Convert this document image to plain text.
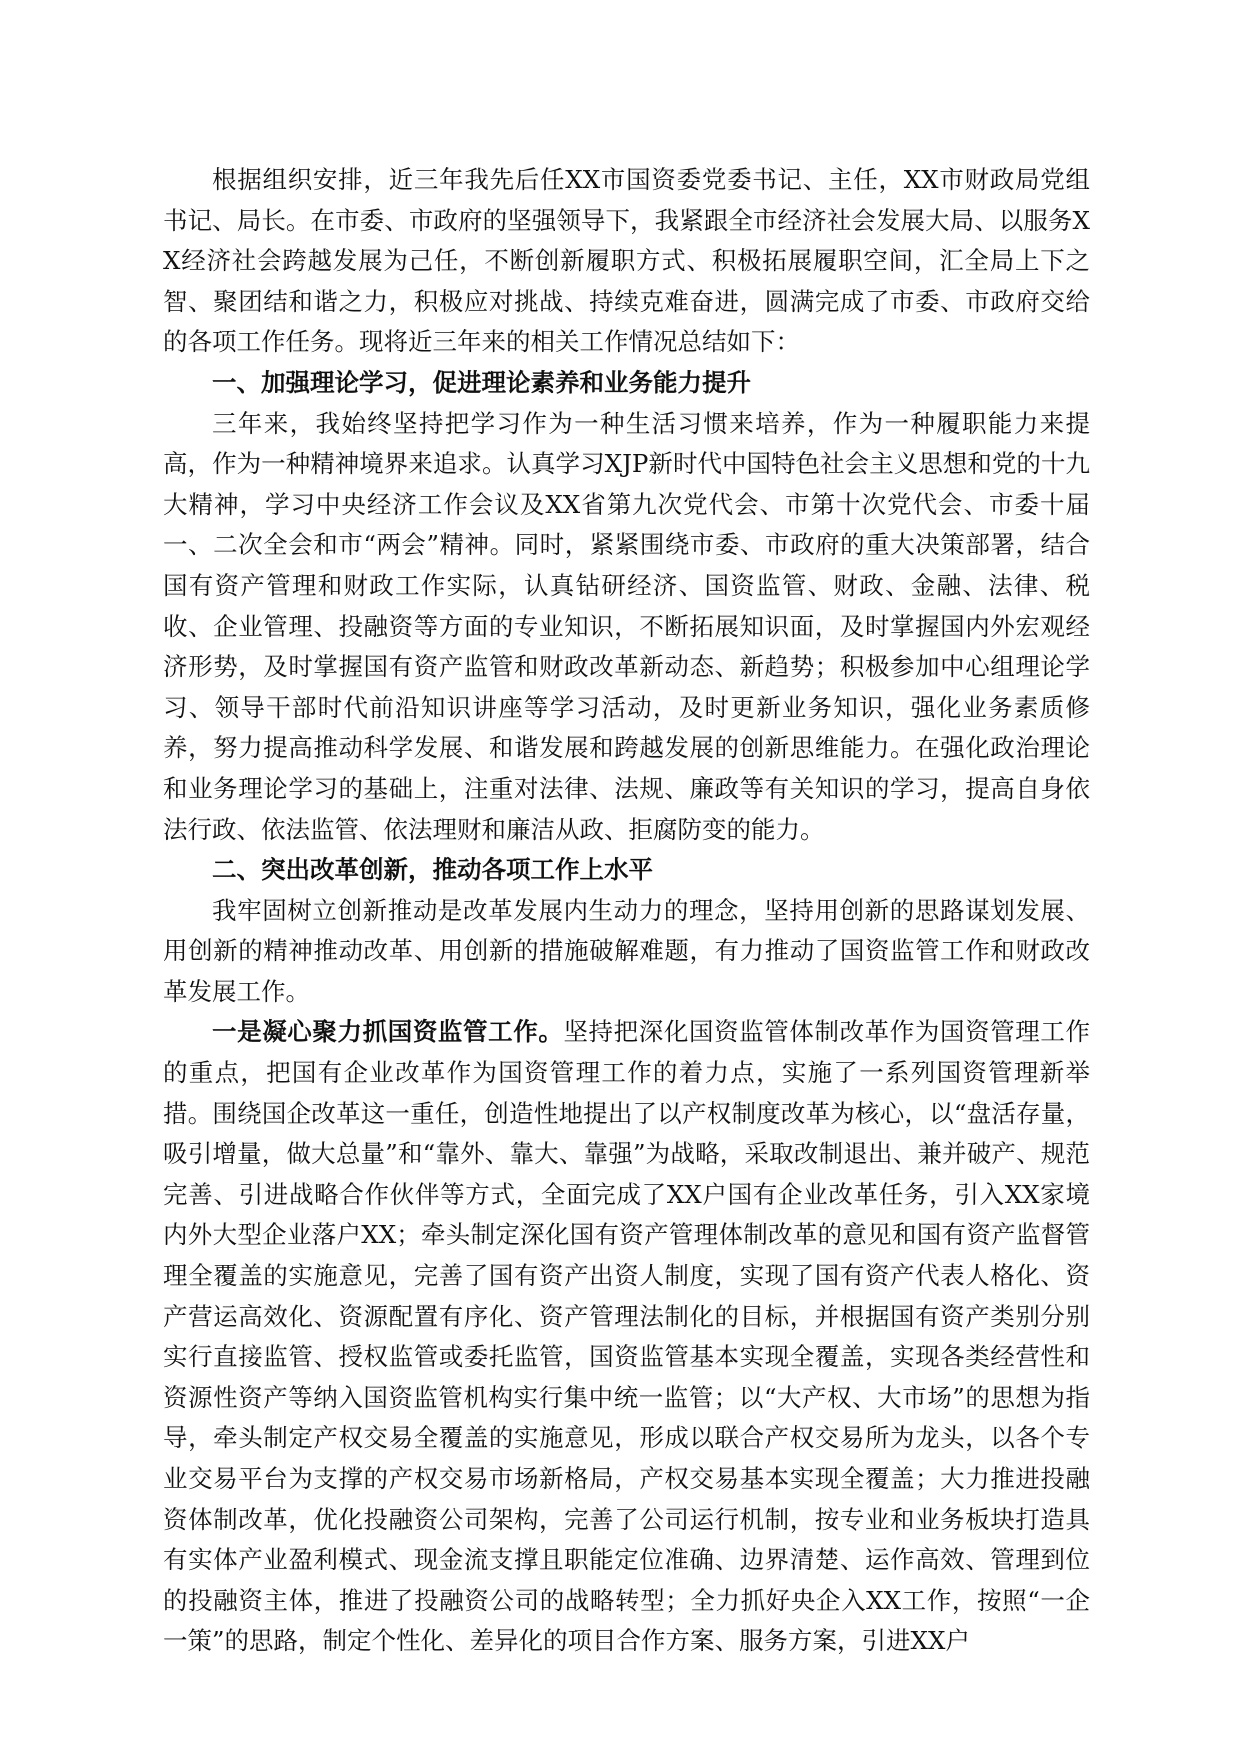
根据组织安排，近三年我先后任XX市国资委党委书记、主任，XX市财政局党组书记、局长。在市委、市政府的坚强领导下，我紧跟全市经济社会发展大局、以服务XX经济社会跨越发展为己任，不断创新履职方式、积极拓展履职空间，汇全局上下之智、聚团结和谐之力，积极应对挑战、持续克难奋进，圆满完成了市委、市政府交给的各项工作任务。现将近三年来的相关工作情况总结如下：

一、加强理论学习，促进理论素养和业务能力提升

三年来，我始终坚持把学习作为一种生活习惯来培养，作为一种履职能力来提高，作为一种精神境界来追求。认真学习XJP新时代中国特色社会主义思想和党的十九大精神，学习中央经济工作会议及XX省第九次党代会、市第十次党代会、市委十届一、二次全会和市“两会”精神。同时，紧紧围绕市委、市政府的重大决策部署，结合国有资产管理和财政工作实际，认真钻研经济、国资监管、财政、金融、法律、税收、企业管理、投融资等方面的专业知识，不断拓展知识面，及时掌握国内外宏观经济形势，及时掌握国有资产监管和财政改革新动态、新趋势；积极参加中心组理论学习、领导干部时代前沿知识讲座等学习活动，及时更新业务知识，强化业务素质修养，努力提高推动科学发展、和谐发展和跨越发展的创新思维能力。在强化政治理论和业务理论学习的基础上，注重对法律、法规、廉政等有关知识的学习，提高自身依法行政、依法监管、依法理财和廉洁从政、拒腐防变的能力。

二、突出改革创新，推动各项工作上水平

我牢固树立创新推动是改革发展内生动力的理念，坚持用创新的思路谋划发展、用创新的精神推动改革、用创新的措施破解难题，有力推动了国资监管工作和财政改革发展工作。

一是凝心聚力抓国资监管工作。坚持把深化国资监管体制改革作为国资管理工作的重点，把国有企业改革作为国资管理工作的着力点，实施了一系列国资管理新举措。围绕国企改革这一重任，创造性地提出了以产权制度改革为核心，以“盘活存量，吸引增量，做大总量”和“靠外、靠大、靠强”为战略，采取改制退出、兼并破产、规范完善、引进战略合作伙伴等方式，全面完成了XX户国有企业改革任务，引入XX家境内外大型企业落户XX；牵头制定深化国有资产管理体制改革的意见和国有资产监督管理全覆盖的实施意见，完善了国有资产出资人制度，实现了国有资产代表人格化、资产营运高效化、资源配置有序化、资产管理法制化的目标，并根据国有资产类别分别实行直接监管、授权监管或委托监管，国资监管基本实现全覆盖，实现各类经营性和资源性资产等纳入国资监管机构实行集中统一监管；以“大产权、大市场”的思想为指导，牵头制定产权交易全覆盖的实施意见，形成以联合产权交易所为龙头，以各个专业交易平台为支撑的产权交易市场新格局，产权交易基本实现全覆盖；大力推进投融资体制改革，优化投融资公司架构，完善了公司运行机制，按专业和业务板块打造具有实体产业盈利模式、现金流支撑且职能定位准确、边界清楚、运作高效、管理到位的投融资主体，推进了投融资公司的战略转型；全力抓好央企入XX工作，按照“一企一策”的思路，制定个性化、差异化的项目合作方案、服务方案，引进XX户
